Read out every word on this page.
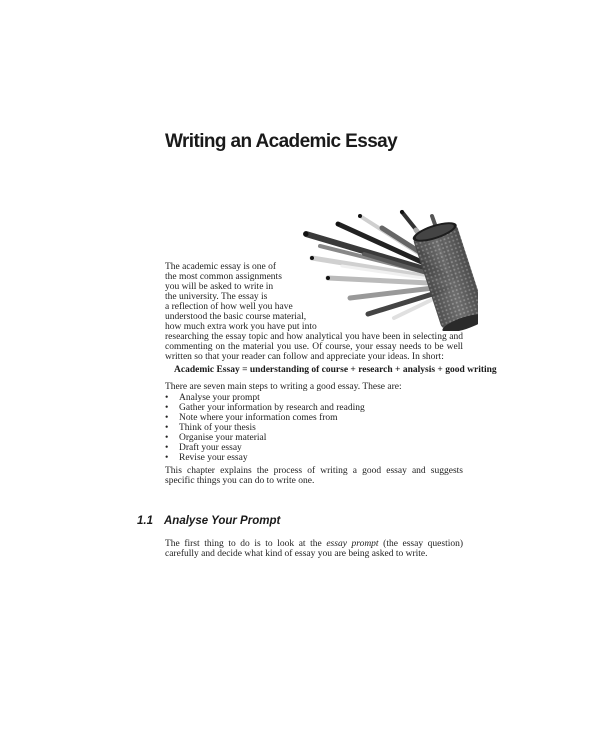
Writing an Academic Essay
The academic essay is one of
the most common assignments
you will be asked to write in
the university. The essay is
a reflection of how well you have
understood the basic course material,
how much extra work you have put into
researching the essay topic and how analytical you have been in selecting and commenting on the material you use. Of course, your essay needs to be well written so that your reader can follow and appreciate your ideas. In short:
Academic Essay = understanding of course + research + analysis + good writing
There are seven main steps to writing a good essay. These are:
• Analyse your prompt
• Gather your information by research and reading
• Note where your information comes from
• Think of your thesis
• Organise your material
• Draft your essay
• Revise your essay
This chapter explains the process of writing a good essay and suggests specific things you can do to write one.
1.1 Analyse Your Prompt
The first thing to do is to look at the essay prompt (the essay question) carefully and decide what kind of essay you are being asked to write.
